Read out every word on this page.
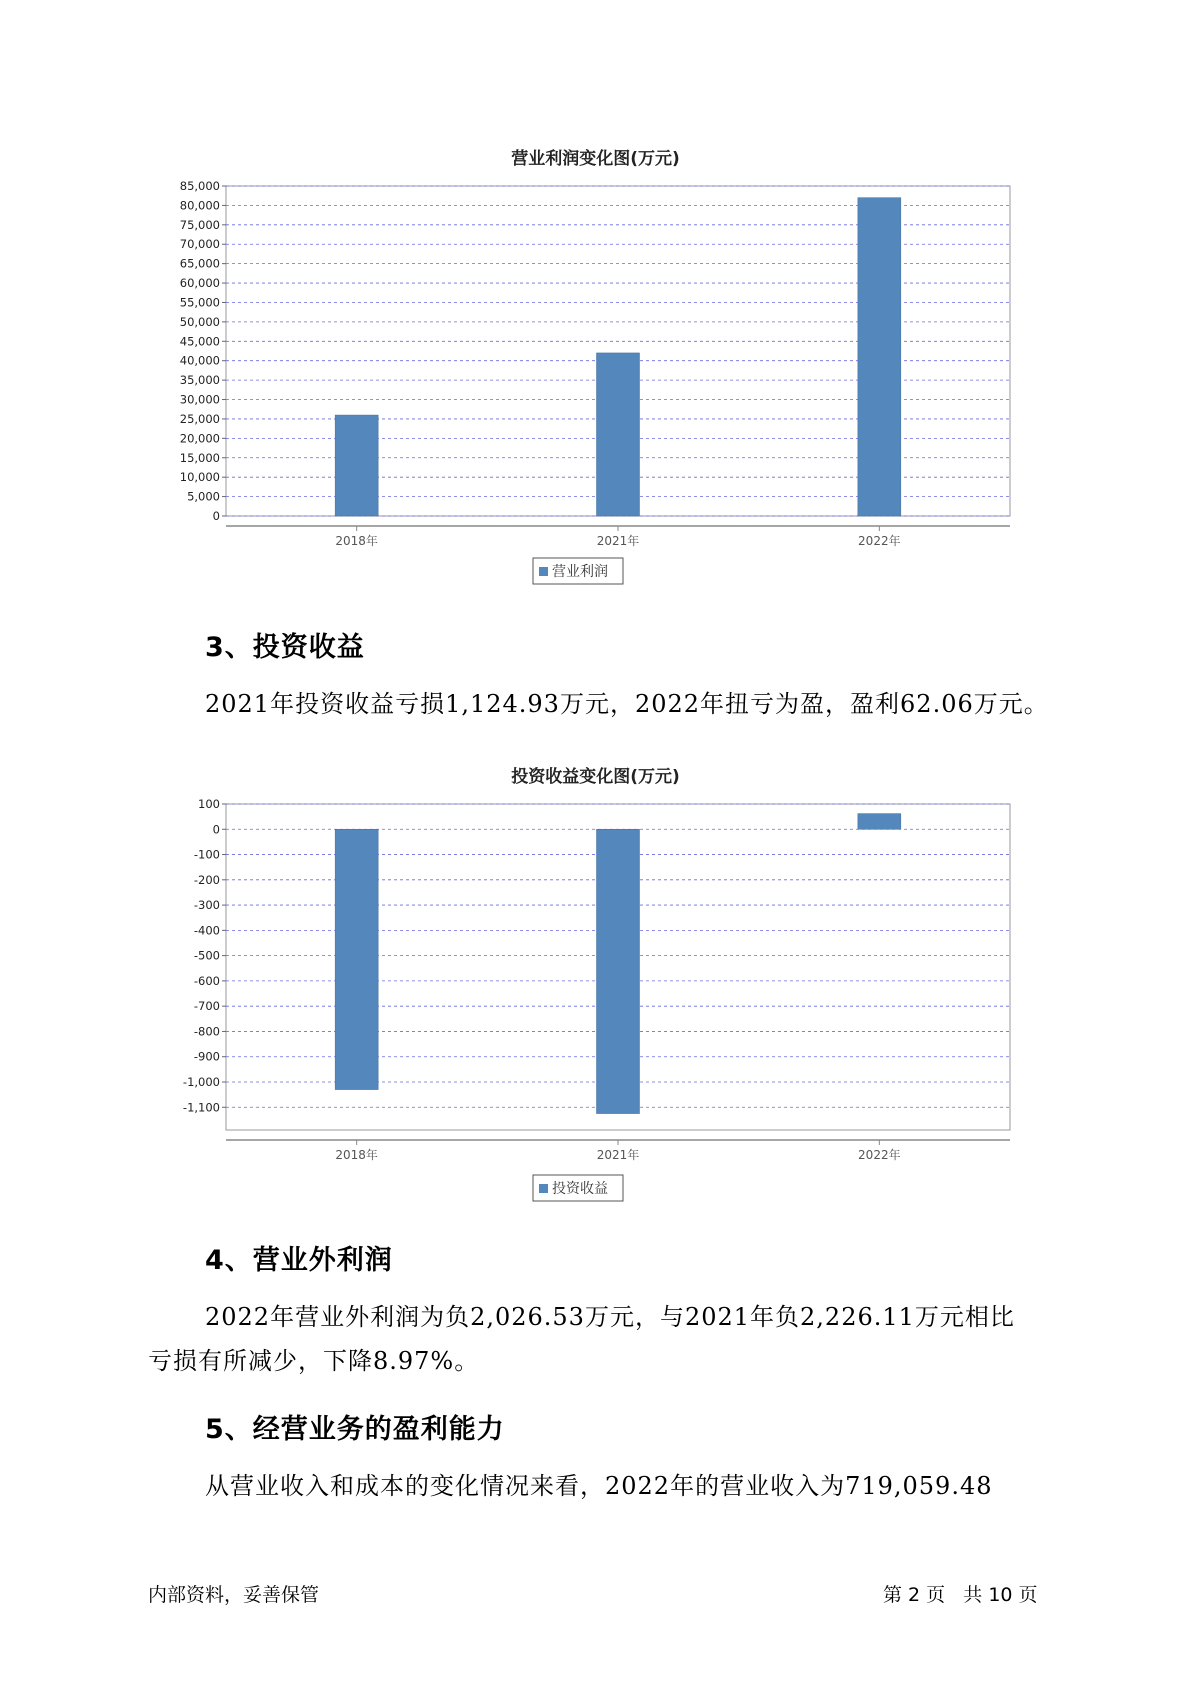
营业利润变化图(万元)
0
5,000
10,000
15,000
20,000
25,000
30,000
35,000
40,000
45,000
50,000
55,000
60,000
65,000
70,000
75,000
80,000
85,000
2018年	2021年	2022年
营业利润
3、投资收益
2021年投资收益亏损1,124.93万元，2022年扭亏为盈，盈利62.06万元。
投资收益变化图(万元)
100
0
-100
-200
-300
-400
-500
-600
-700
-800
-900
-1,000
-1,100
2018年	2021年	2022年
投资收益
4、营业外利润
2022年营业外利润为负2,026.53万元，与2021年负2,226.11万元相比
亏损有所减少，下降8.97%。
5、经营业务的盈利能力
从营业收入和成本的变化情况来看，2022年的营业收入为719,059.48
内部资料，妥善保管	第 2 页   共 10 页
